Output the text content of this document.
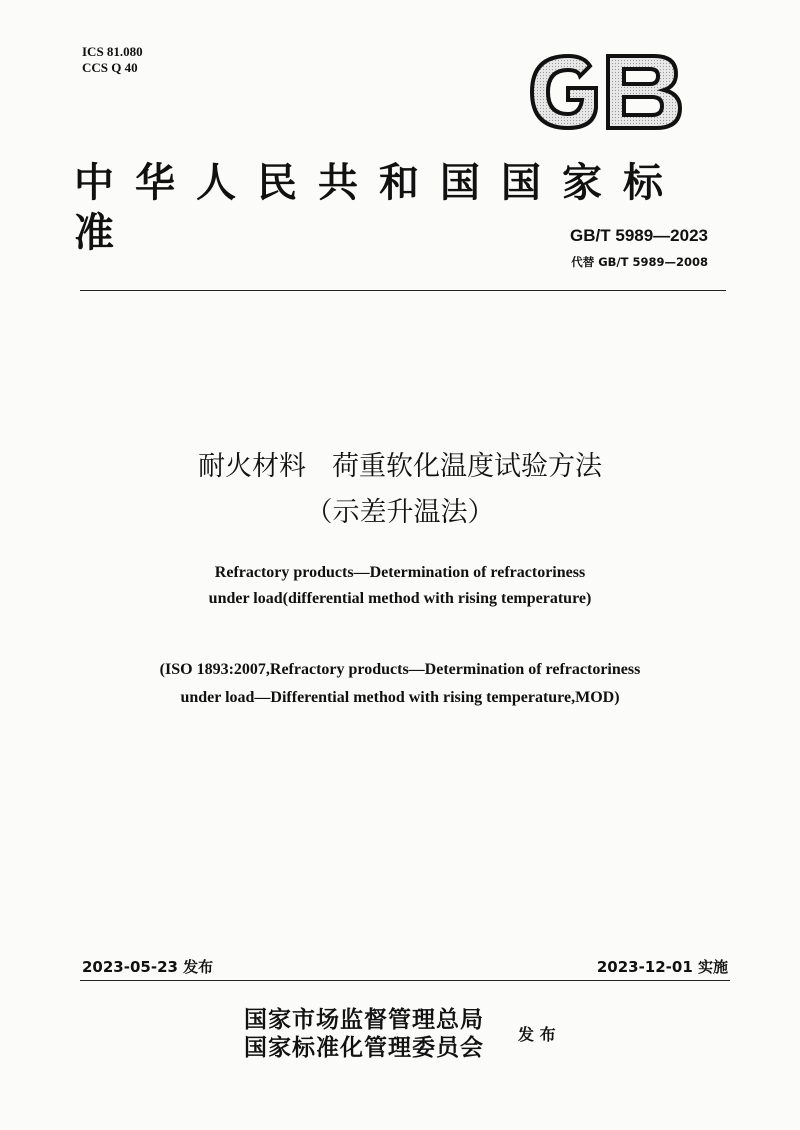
ICS 81.080
CCS Q 40
中华人民共和国国家标准	GB/T 5989—2023
代替 GB/T 5989—2008
耐火材料 荷重软化温度试验方法
（示差升温法）
Refractory products—Determination of refractoriness
under load(differential method with rising temperature)
(ISO 1893:2007,Refractory products—Determination of refractoriness
under load—Differential method with rising temperature,MOD)
2023-05-23 发布	2023-12-01 实施
国家市场监督管理总局
国家标准化管理委员会 发 布
